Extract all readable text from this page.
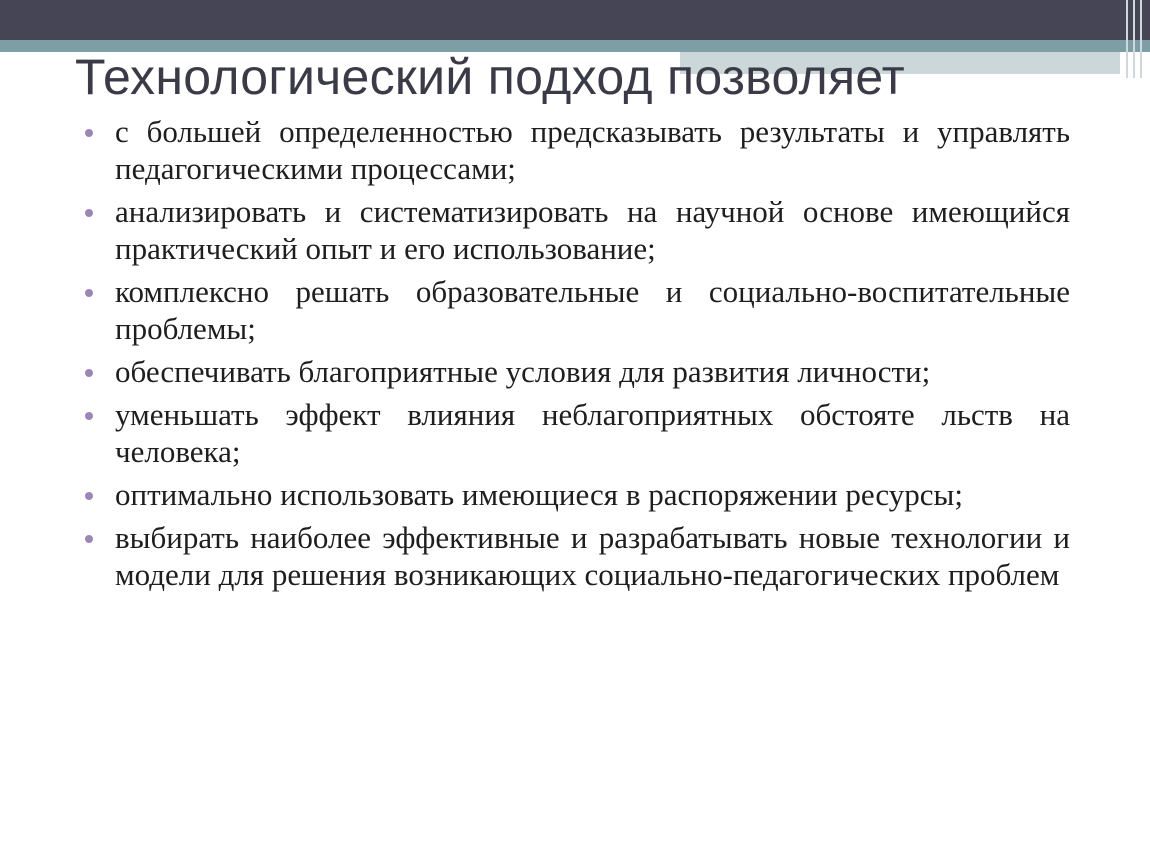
Технологический подход позволяет
с большей определенностью предсказывать результаты и управлять педагогическими процессами;
анализировать и систематизировать на научной основе имеющийся практический опыт и его использование;
комплексно решать образовательные и социально-воспитательные проблемы;
обеспечивать благоприятные условия для развития личности;
уменьшать эффект влияния неблагоприятных обстояте льств на человека;
оптимально использовать имеющиеся в распоряжении ресурсы;
выбирать наиболее эффективные и разрабатывать новые технологии и модели для решения возникающих социально-педагогических проблем
